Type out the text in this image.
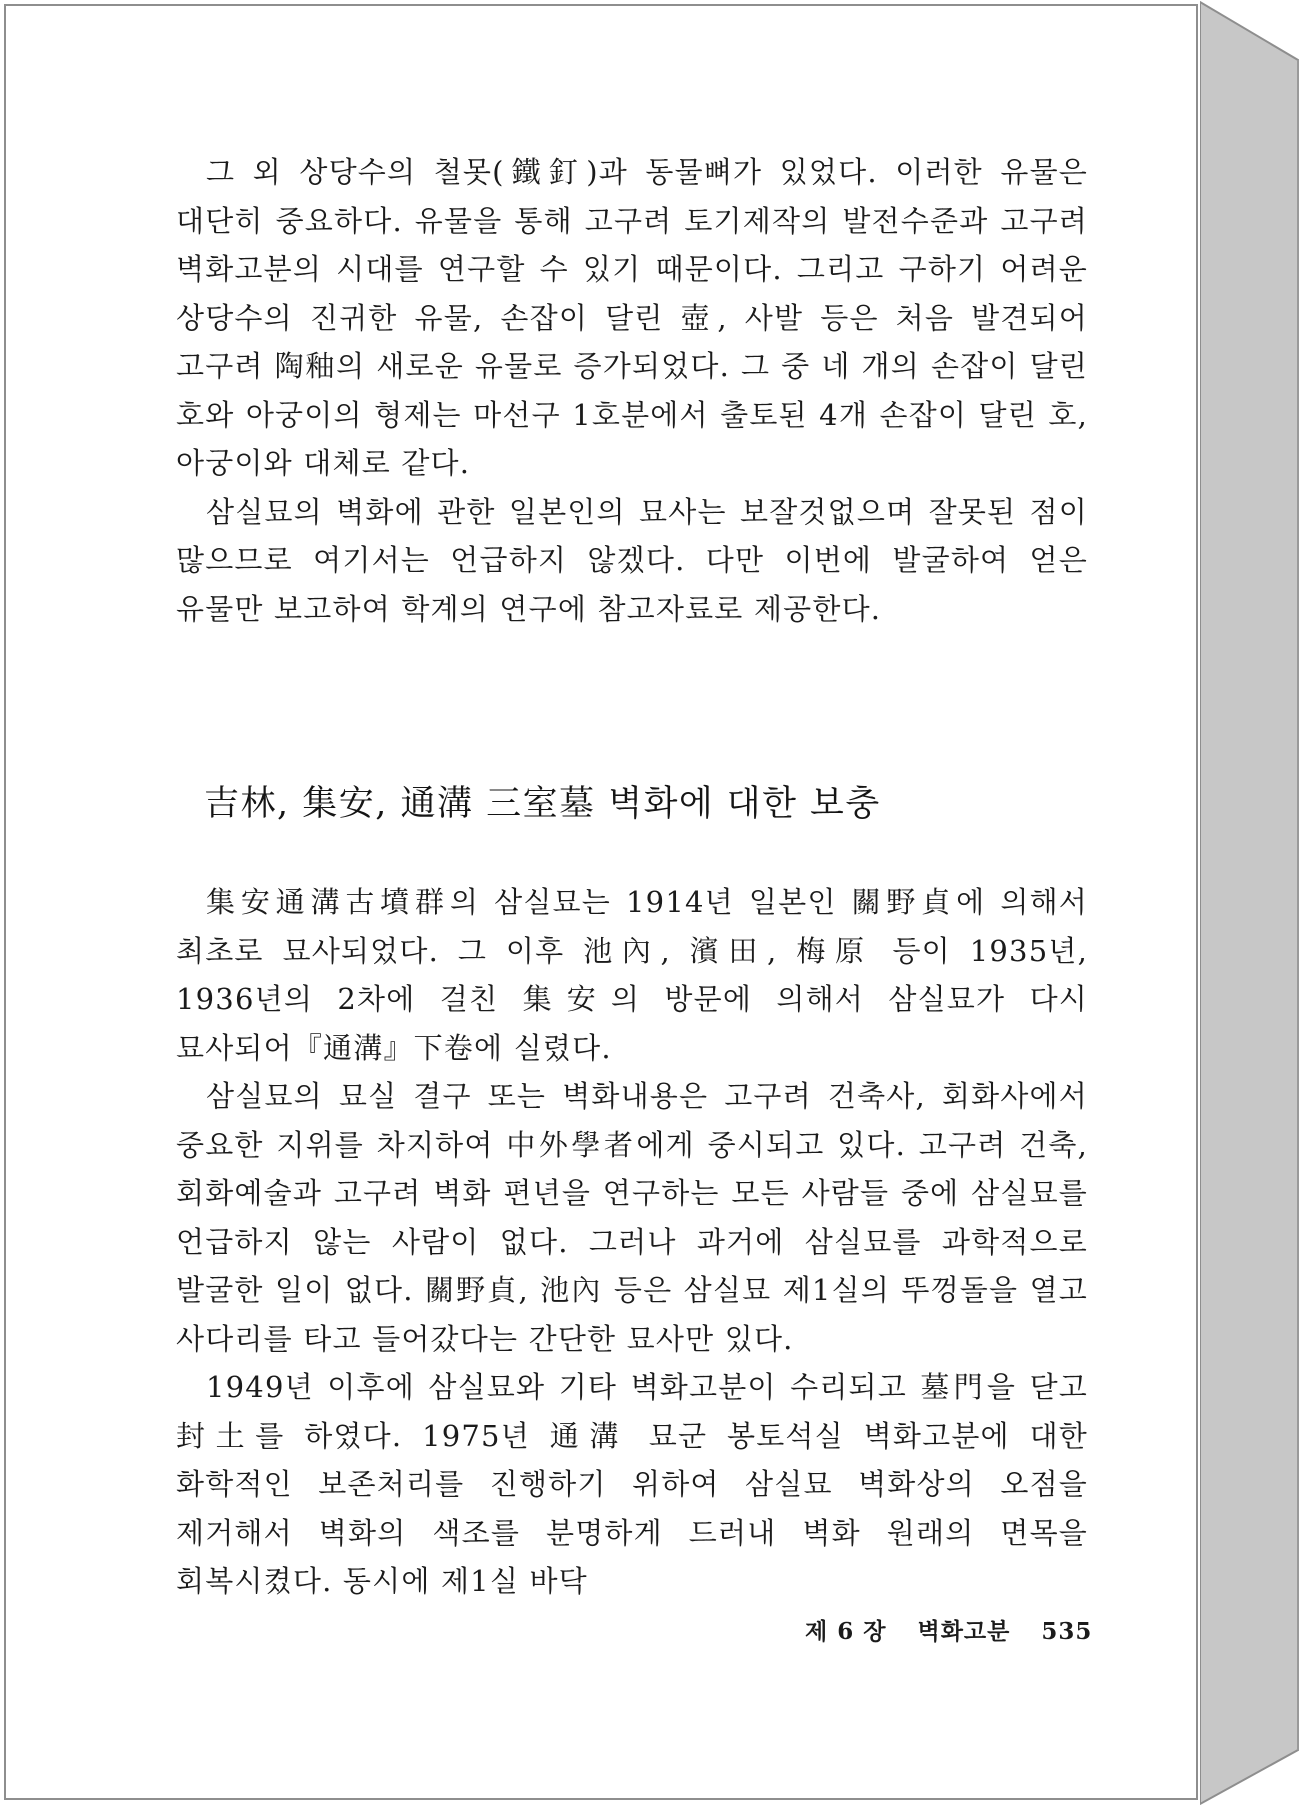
그 외 상당수의 철못(鐵釘)과 동물뼈가 있었다. 이러한 유물은 대단히 중요하다. 유물을 통해 고구려 토기제작의 발전수준과 고구려 벽화고분의 시대를 연구할 수 있기 때문이다. 그리고 구하기 어려운 상당수의 진귀한 유물, 손잡이 달린 壺, 사발 등은 처음 발견되어 고구려 陶釉의 새로운 유물로 증가되었다. 그 중 네 개의 손잡이 달린 호와 아궁이의 형제는 마선구 1호분에서 출토된 4개 손잡이 달린 호, 아궁이와 대체로 같다.

삼실묘의 벽화에 관한 일본인의 묘사는 보잘것없으며 잘못된 점이 많으므로 여기서는 언급하지 않겠다. 다만 이번에 발굴하여 얻은 유물만 보고하여 학계의 연구에 참고자료로 제공한다.

吉林, 集安, 通溝 三室墓 벽화에 대한 보충

集安通溝古墳群의 삼실묘는 1914년 일본인 關野貞에 의해서 최초로 묘사되었다. 그 이후 池內, 濱田, 梅原 등이 1935년, 1936년의 2차에 걸친 集安의 방문에 의해서 삼실묘가 다시 묘사되어『通溝』下卷에 실렸다.

삼실묘의 묘실 결구 또는 벽화내용은 고구려 건축사, 회화사에서 중요한 지위를 차지하여 中外學者에게 중시되고 있다. 고구려 건축, 회화예술과 고구려 벽화 편년을 연구하는 모든 사람들 중에 삼실묘를 언급하지 않는 사람이 없다. 그러나 과거에 삼실묘를 과학적으로 발굴한 일이 없다. 關野貞, 池內 등은 삼실묘 제1실의 뚜껑돌을 열고 사다리를 타고 들어갔다는 간단한 묘사만 있다.

1949년 이후에 삼실묘와 기타 벽화고분이 수리되고 墓門을 닫고 封土를 하였다. 1975년 通溝 묘군 봉토석실 벽화고분에 대한 화학적인 보존처리를 진행하기 위하여 삼실묘 벽화상의 오점을 제거해서 벽화의 색조를 분명하게 드러내 벽화 원래의 면목을 회복시켰다. 동시에 제1실 바닥

제 6 장 벽화고분 535
